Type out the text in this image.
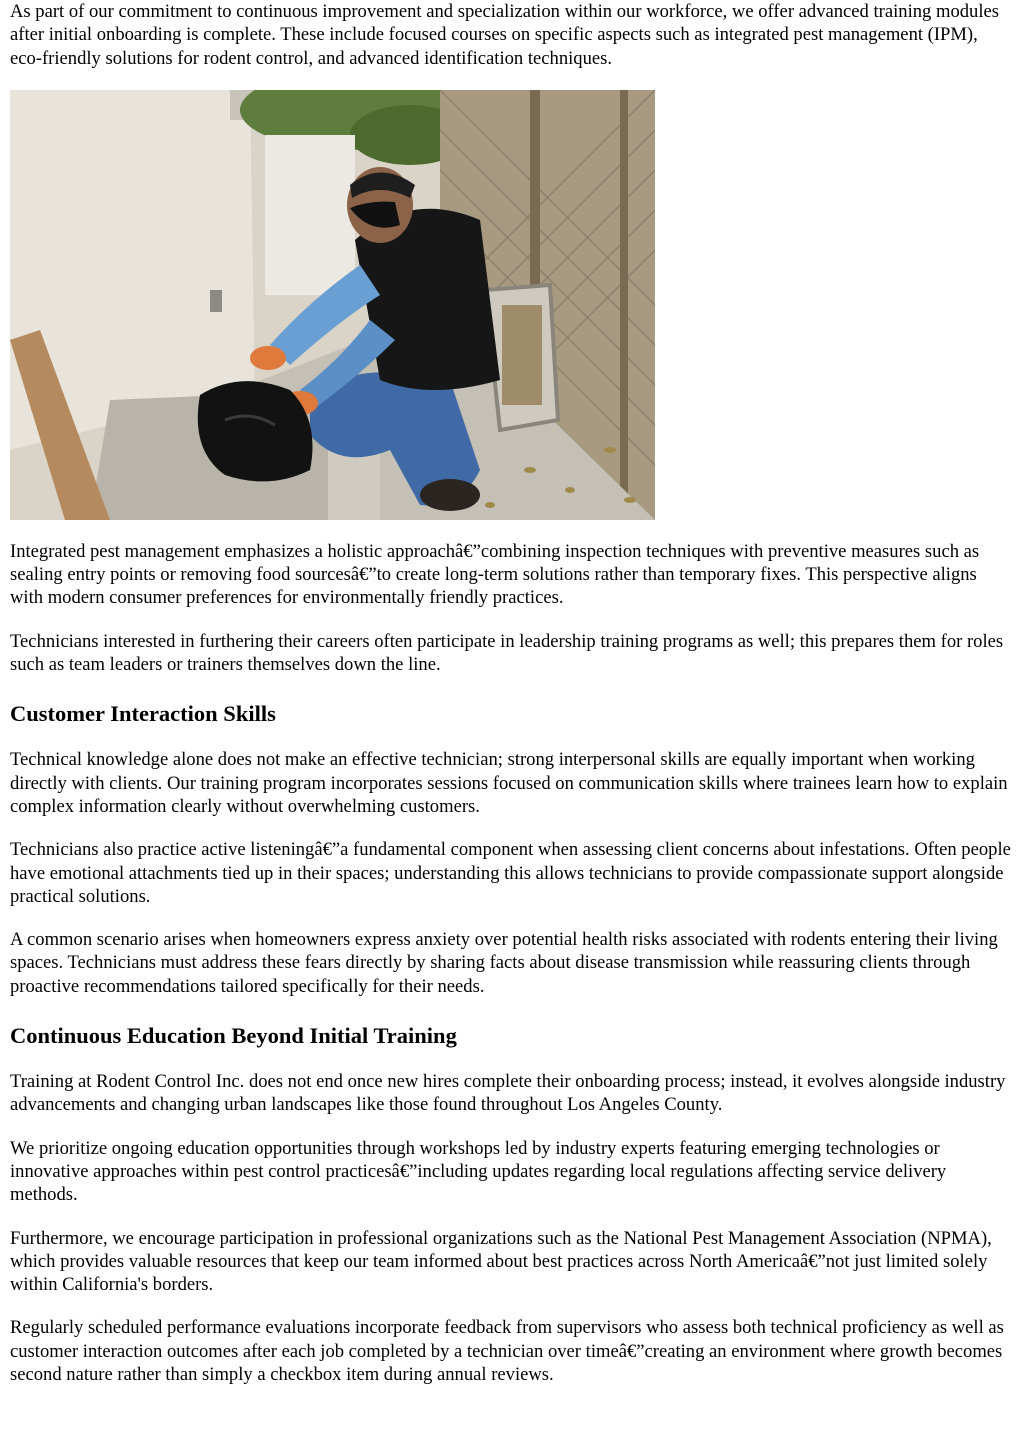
As part of our commitment to continuous improvement and specialization within our workforce, we offer advanced training modules after initial onboarding is complete. These include focused courses on specific aspects such as integrated pest management (IPM), eco-friendly solutions for rodent control, and advanced identification techniques.

Integrated pest management emphasizes a holistic approachâ€”combining inspection techniques with preventive measures such as sealing entry points or removing food sourcesâ€”to create long-term solutions rather than temporary fixes. This perspective aligns with modern consumer preferences for environmentally friendly practices.

Technicians interested in furthering their careers often participate in leadership training programs as well; this prepares them for roles such as team leaders or trainers themselves down the line.

Customer Interaction Skills

Technical knowledge alone does not make an effective technician; strong interpersonal skills are equally important when working directly with clients. Our training program incorporates sessions focused on communication skills where trainees learn how to explain complex information clearly without overwhelming customers.

Technicians also practice active listeningâ€”a fundamental component when assessing client concerns about infestations. Often people have emotional attachments tied up in their spaces; understanding this allows technicians to provide compassionate support alongside practical solutions.

A common scenario arises when homeowners express anxiety over potential health risks associated with rodents entering their living spaces. Technicians must address these fears directly by sharing facts about disease transmission while reassuring clients through proactive recommendations tailored specifically for their needs.

Continuous Education Beyond Initial Training

Training at Rodent Control Inc. does not end once new hires complete their onboarding process; instead, it evolves alongside industry advancements and changing urban landscapes like those found throughout Los Angeles County.

We prioritize ongoing education opportunities through workshops led by industry experts featuring emerging technologies or innovative approaches within pest control practicesâ€”including updates regarding local regulations affecting service delivery methods.

Furthermore, we encourage participation in professional organizations such as the National Pest Management Association (NPMA), which provides valuable resources that keep our team informed about best practices across North Americaâ€”not just limited solely within California's borders.

Regularly scheduled performance evaluations incorporate feedback from supervisors who assess both technical proficiency as well as customer interaction outcomes after each job completed by a technician over timeâ€”creating an environment where growth becomes second nature rather than simply a checkbox item during annual reviews.
